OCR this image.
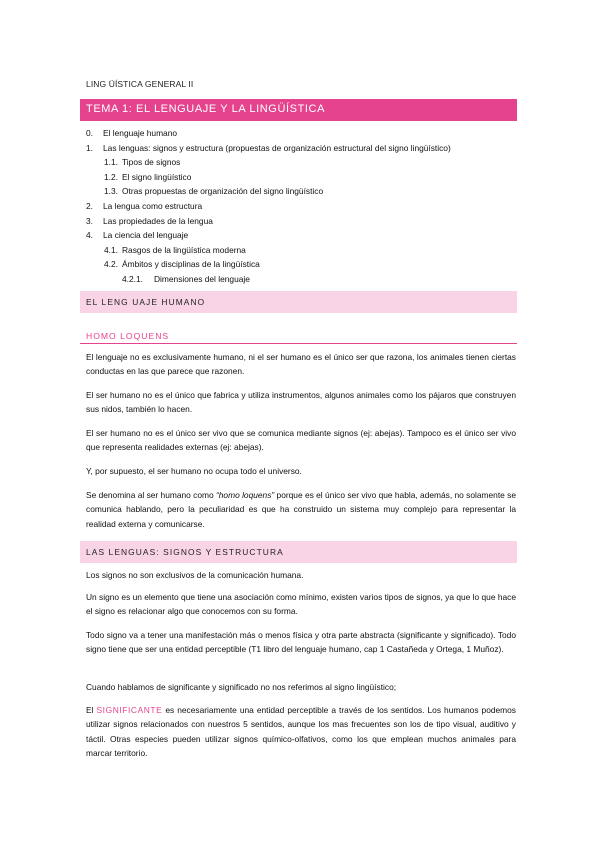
LING ÜÍSTICA GENERAL II
TEMA 1: EL LENGUAJE Y LA LINGÜÍSTICA
0.	El lenguaje humano
1.	Las lenguas: signos y estructura (propuestas de organización estructural del signo lingüístico)
1.1. Tipos de signos
1.2. El signo lingüístico
1.3. Otras propuestas de organización del signo lingüístico
2.	La lengua como estructura
3.	Las propiedades de la lengua
4.	La ciencia del lenguaje
4.1. Rasgos de la lingüística moderna
4.2. Ámbitos y disciplinas de la lingüística
4.2.1.	Dimensiones del lenguaje
EL LENG UAJE HUMANO
HOMO LOQUENS

El lenguaje no es exclusivamente humano, ni el ser humano es el único ser que razona, los animales tienen ciertas conductas en las que parece que razonen.

El ser humano no es el único que fabrica y utiliza instrumentos, algunos animales como los pájaros que construyen sus nidos, también lo hacen.

El ser humano no es el único ser vivo que se comunica mediante signos (ej: abejas). Tampoco es el único ser vivo que representa realidades externas (ej: abejas).

Y, por supuesto, el ser humano no ocupa todo el universo.

Se denomina al ser humano como “homo loquens” porque es el único ser vivo que habla, además, no solamente se comunica hablando, pero la peculiaridad es que ha construido un sistema muy complejo para representar la realidad externa y comunicarse.

LAS LENGUAS: SIGNOS Y ESTRUCTURA

Los signos no son exclusivos de la comunicación humana.

Un signo es un elemento que tiene una asociación como mínimo, existen varios tipos de signos, ya que lo que hace el signo es relacionar algo que conocemos con su forma.

Todo signo va a tener una manifestación más o menos física y otra parte abstracta (significante y significado). Todo signo tiene que ser una entidad perceptible (T1 libro del lenguaje humano, cap 1 Castañeda y Ortega, 1 Muñoz).

Cuando hablamos de significante y significado no nos referimos al signo lingüístico;

El SIGNIFICANTE es necesariamente una entidad perceptible a través de los sentidos. Los humanos podemos utilizar signos relacionados con nuestros 5 sentidos, aunque los mas frecuentes son los de tipo visual, auditivo y táctil. Otras especies pueden utilizar signos químico-olfativos, como los que emplean muchos animales para marcar territorio.
